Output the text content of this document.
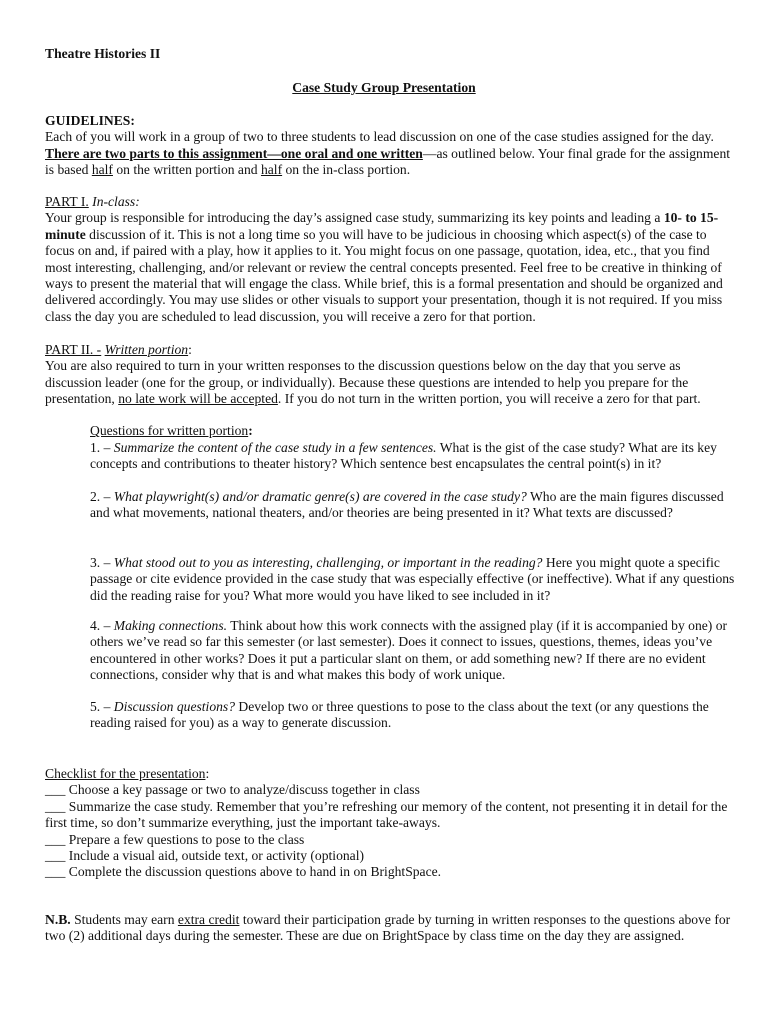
Theatre Histories II

Case Study Group Presentation

GUIDELINES:

Each of you will work in a group of two to three students to lead discussion on one of the case studies assigned for the day. There are two parts to this assignment—one oral and one written—as outlined below. Your final grade for the assignment is based half on the written portion and half on the in-class portion.

PART I. In-class:

Your group is responsible for introducing the day’s assigned case study, summarizing its key points and leading a 10- to 15-minute discussion of it. This is not a long time so you will have to be judicious in choosing which aspect(s) of the case to focus on and, if paired with a play, how it applies to it. You might focus on one passage, quotation, idea, etc., that you find most interesting, challenging, and/or relevant or review the central concepts presented. Feel free to be creative in thinking of ways to present the material that will engage the class. While brief, this is a formal presentation and should be organized and delivered accordingly. You may use slides or other visuals to support your presentation, though it is not required. If you miss class the day you are scheduled to lead discussion, you will receive a zero for that portion.

PART II. - Written portion:

You are also required to turn in your written responses to the discussion questions below on the day that you serve as discussion leader (one for the group, or individually). Because these questions are intended to help you prepare for the presentation, no late work will be accepted. If you do not turn in the written portion, you will receive a zero for that part.

Questions for written portion:

1. – Summarize the content of the case study in a few sentences. What is the gist of the case study? What are its key concepts and contributions to theater history? Which sentence best encapsulates the central point(s) in it?

2. – What playwright(s) and/or dramatic genre(s) are covered in the case study? Who are the main figures discussed and what movements, national theaters, and/or theories are being presented in it? What texts are discussed?

3. – What stood out to you as interesting, challenging, or important in the reading? Here you might quote a specific passage or cite evidence provided in the case study that was especially effective (or ineffective). What if any questions did the reading raise for you? What more would you have liked to see included in it?

4. – Making connections. Think about how this work connects with the assigned play (if it is accompanied by one) or others we’ve read so far this semester (or last semester). Does it connect to issues, questions, themes, ideas you’ve encountered in other works? Does it put a particular slant on them, or add something new? If there are no evident connections, consider why that is and what makes this body of work unique.

5. – Discussion questions? Develop two or three questions to pose to the class about the text (or any questions the reading raised for you) as a way to generate discussion.

Checklist for the presentation:

___ Choose a key passage or two to analyze/discuss together in class

___ Summarize the case study. Remember that you’re refreshing our memory of the content, not presenting it in detail for the first time, so don’t summarize everything, just the important take-aways.

___ Prepare a few questions to pose to the class

___ Include a visual aid, outside text, or activity (optional)

___ Complete the discussion questions above to hand in on BrightSpace.

N.B. Students may earn extra credit toward their participation grade by turning in written responses to the questions above for two (2) additional days during the semester. These are due on BrightSpace by class time on the day they are assigned.
